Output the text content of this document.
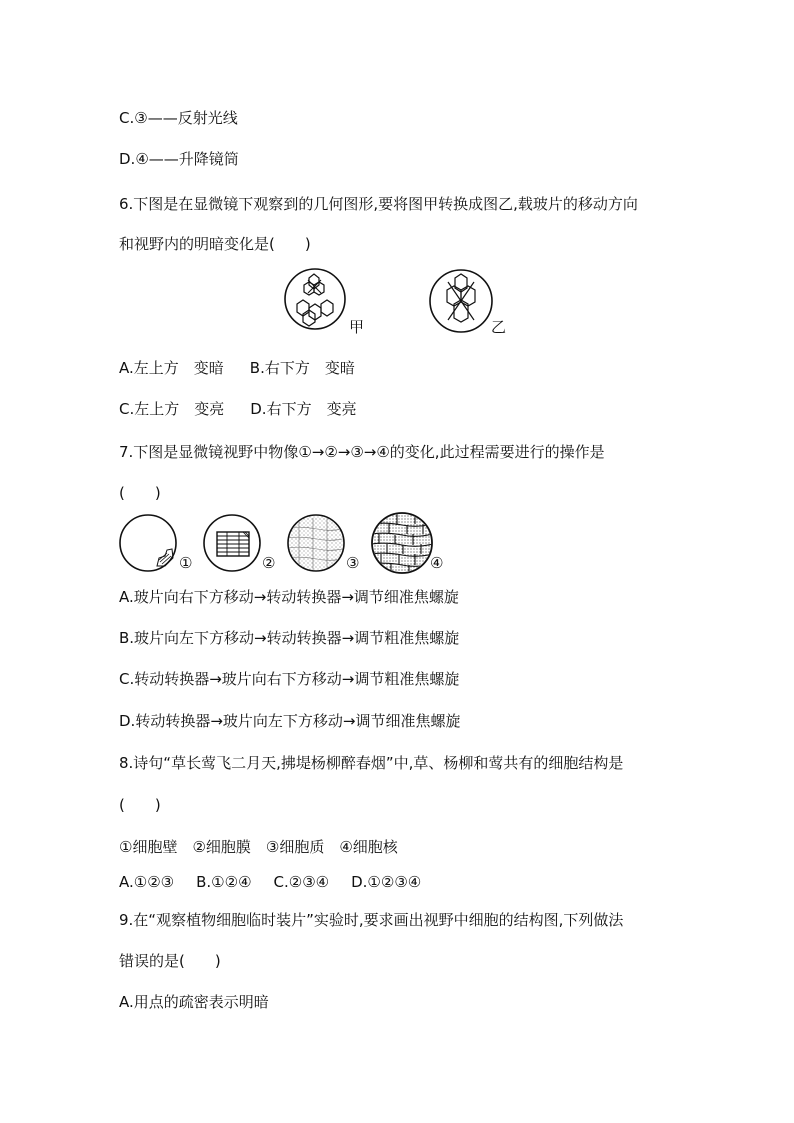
C.③——反射光线
D.④——升降镜筒
6.下图是在显微镜下观察到的几何图形,要将图甲转换成图乙,载玻片的移动方向
和视野内的明暗变化是(　　)
甲	乙
A.左上方　变暗 B.右下方　变暗
C.左上方　变亮 D.右下方　变亮
7.下图是显微镜视野中物像①→②→③→④的变化,此过程需要进行的操作是
(　　)
①	②	③	④
A.玻片向右下方移动→转动转换器→调节细准焦螺旋
B.玻片向左下方移动→转动转换器→调节粗准焦螺旋
C.转动转换器→玻片向右下方移动→调节粗准焦螺旋
D.转动转换器→玻片向左下方移动→调节细准焦螺旋
8.诗句“草长莺飞二月天,拂堤杨柳醉春烟”中,草、杨柳和莺共有的细胞结构是
(　　)
①细胞壁　②细胞膜　③细胞质　④细胞核
A.①②③ B.①②④ C.②③④ D.①②③④
9.在“观察植物细胞临时装片”实验时,要求画出视野中细胞的结构图,下列做法
错误的是(　　)
A.用点的疏密表示明暗
